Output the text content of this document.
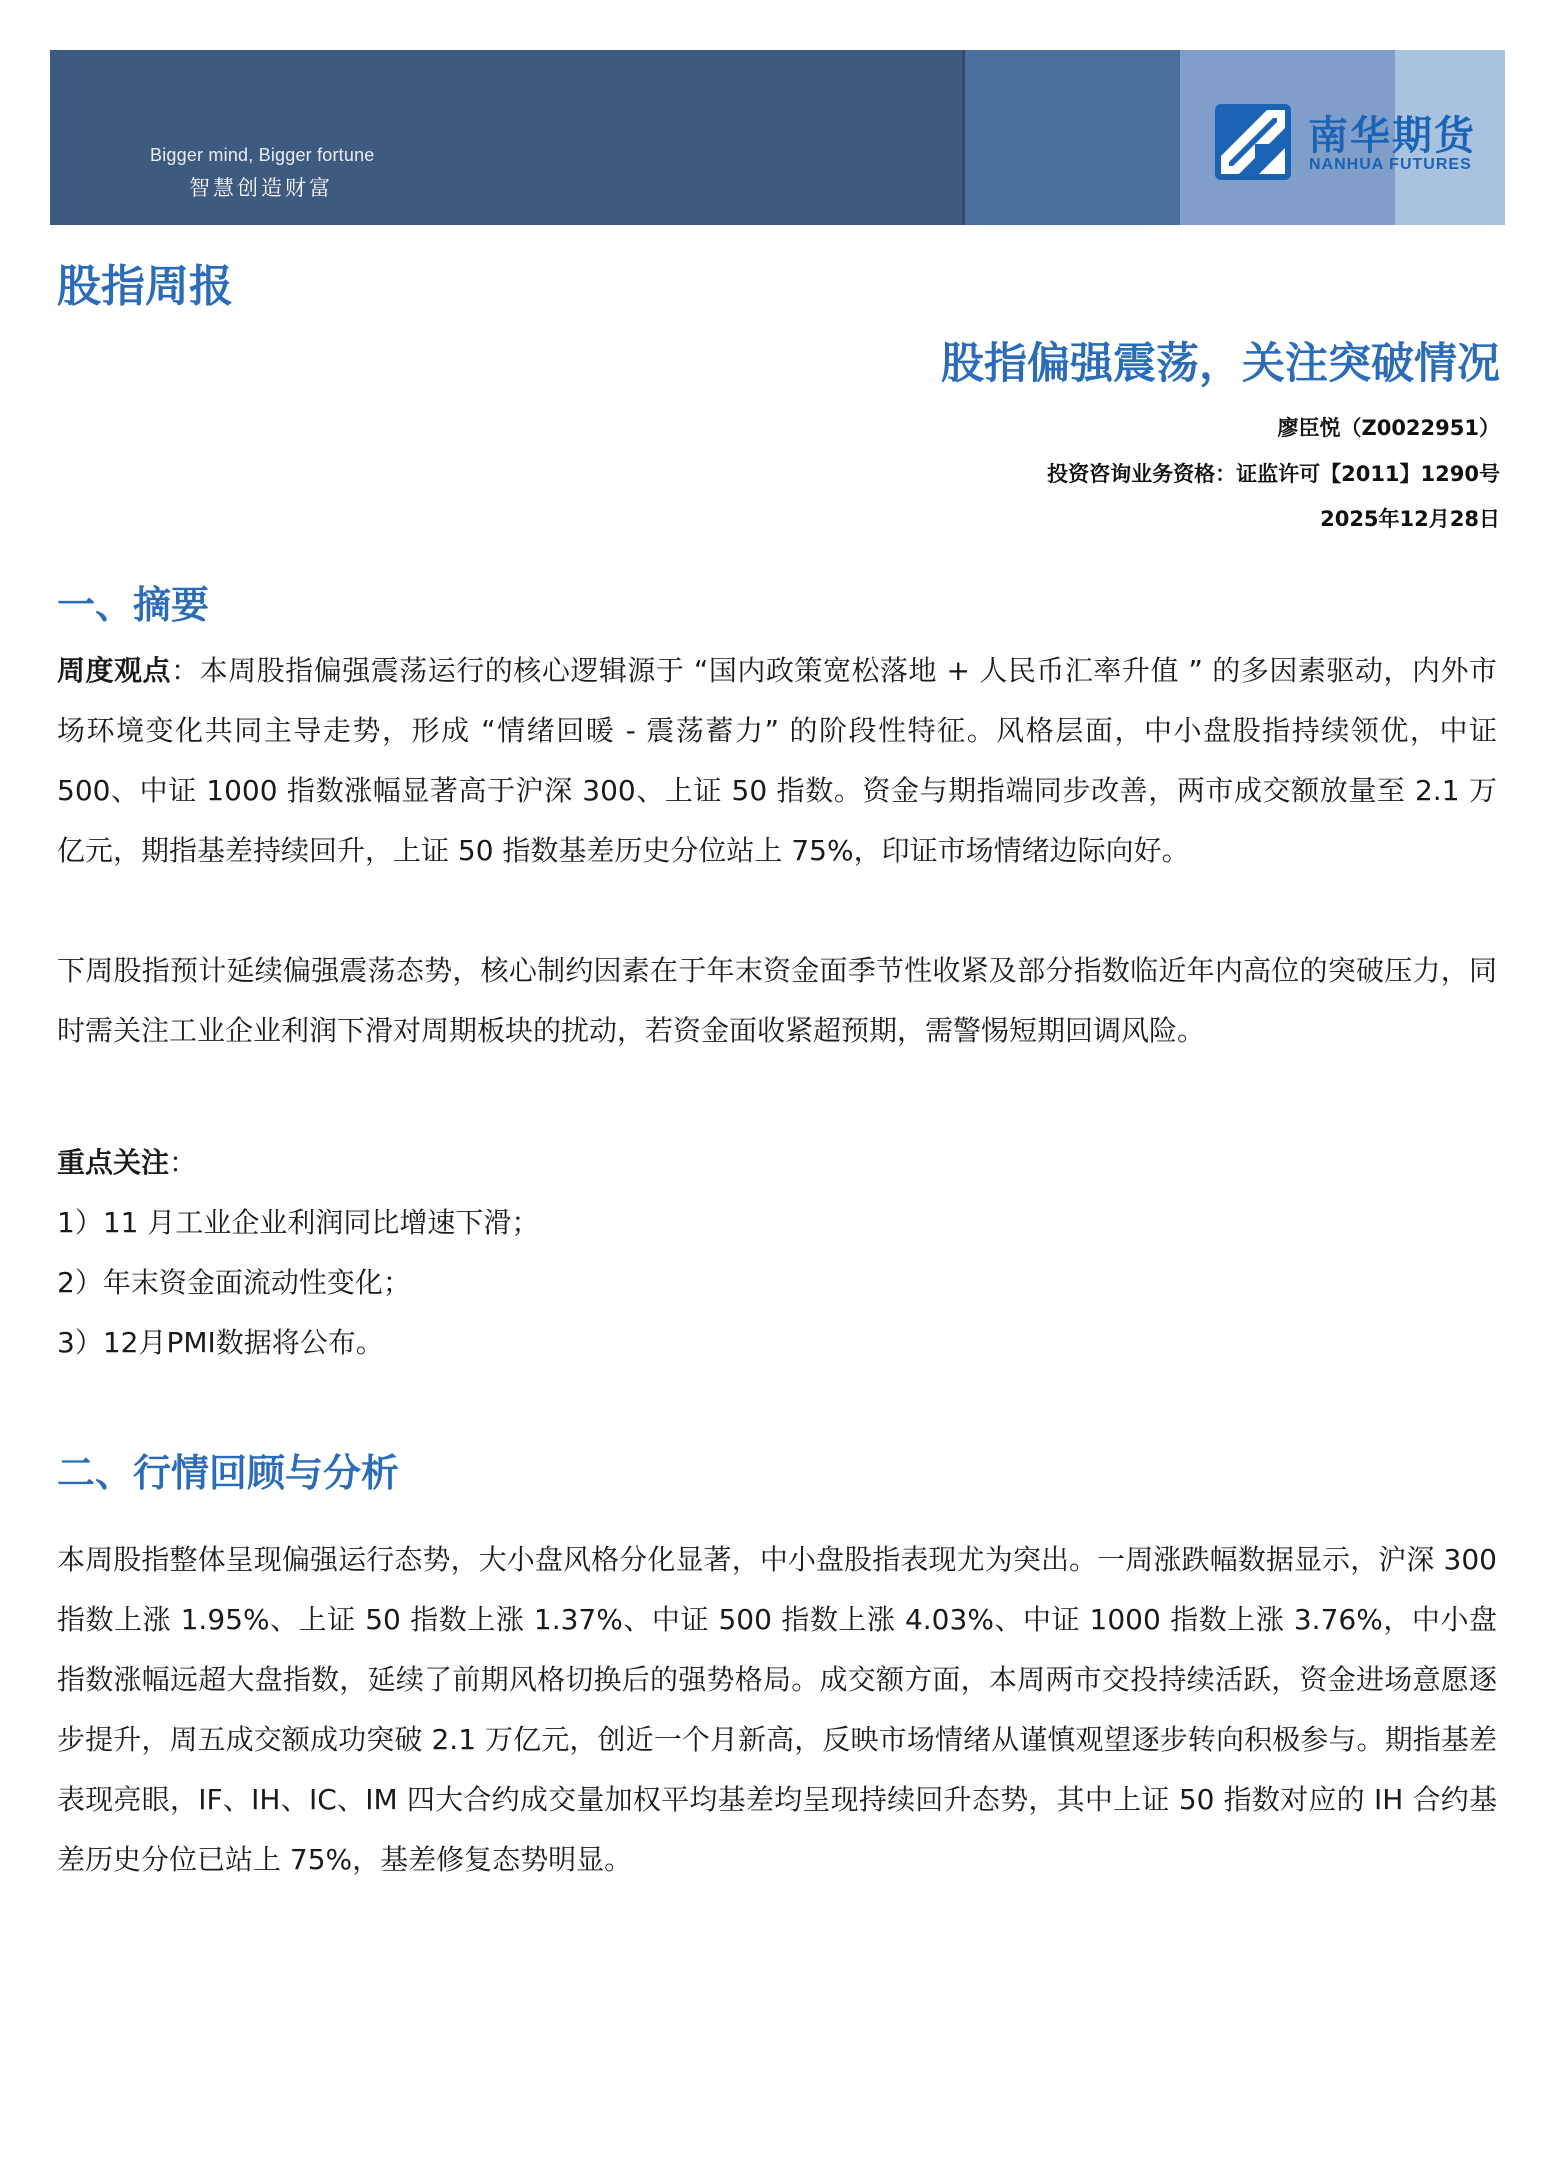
Bigger mind, Bigger fortune
智慧创造财富
南华期货
NANHUA FUTURES
股指周报
股指偏强震荡，关注突破情况
廖臣悦（Z0022951）
投资咨询业务资格：证监许可【2011】1290号
2025年12月28日
一、摘要
周度观点：本周股指偏强震荡运行的核心逻辑源于 “国内政策宽松落地 + 人民币汇率升值 ” 的多因素驱动，内外市场环境变化共同主导走势，形成 “情绪回暖 - 震荡蓄力” 的阶段性特征。风格层面，中小盘股指持续领优，中证 500、中证 1000 指数涨幅显著高于沪深 300、上证 50 指数。资金与期指端同步改善，两市成交额放量至 2.1 万亿元，期指基差持续回升，上证 50 指数基差历史分位站上 75%，印证市场情绪边际向好。
下周股指预计延续偏强震荡态势，核心制约因素在于年末资金面季节性收紧及部分指数临近年内高位的突破压力，同时需关注工业企业利润下滑对周期板块的扰动，若资金面收紧超预期，需警惕短期回调风险。
重点关注：
1）11 月工业企业利润同比增速下滑；
2）年末资金面流动性变化；
3）12月PMI数据将公布。
二、行情回顾与分析
本周股指整体呈现偏强运行态势，大小盘风格分化显著，中小盘股指表现尤为突出。一周涨跌幅数据显示，沪深 300 指数上涨 1.95%、上证 50 指数上涨 1.37%、中证 500 指数上涨 4.03%、中证 1000 指数上涨 3.76%，中小盘指数涨幅远超大盘指数，延续了前期风格切换后的强势格局。成交额方面，本周两市交投持续活跃，资金进场意愿逐步提升，周五成交额成功突破 2.1 万亿元，创近一个月新高，反映市场情绪从谨慎观望逐步转向积极参与。期指基差表现亮眼，IF、IH、IC、IM 四大合约成交量加权平均基差均呈现持续回升态势，其中上证 50 指数对应的 IH 合约基差历史分位已站上 75%，基差修复态势明显。
